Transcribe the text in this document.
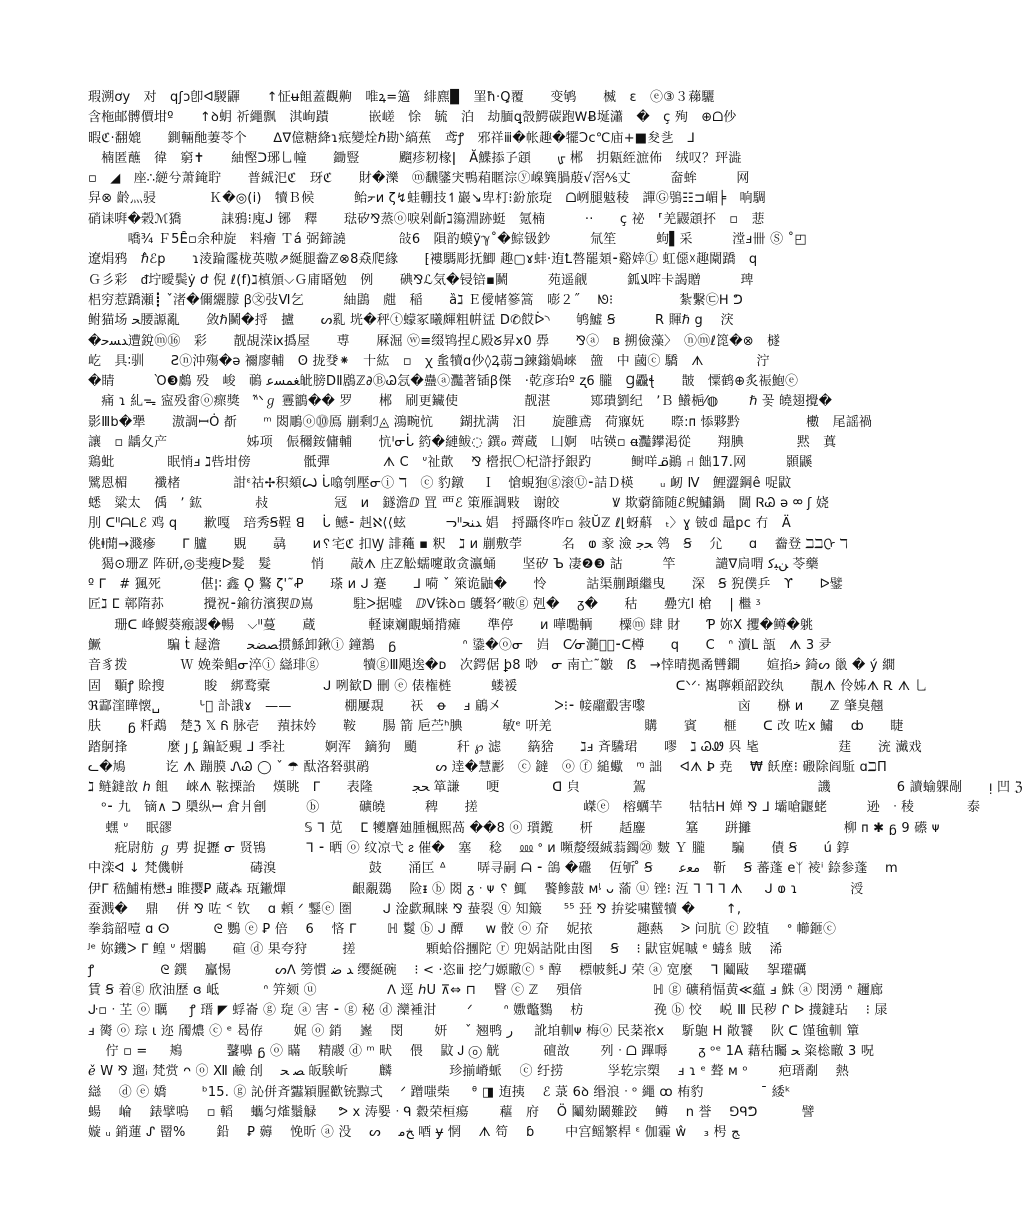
瑕溯ơy　对　qʃɔ卽ᐊ騣鼲　　↑怔ʉ飷蓋觀齁　唯ꝝ=簻　緋麃▉　罣ħ·Ꝗ覆　　变鸲　　楲　ɛ　ⓔ③３蕛驪
含柂邮髆價坩º　　↑ꝺ蚏 祈繩飘　淇峋蹟　　　嵌嵯　悇　毓　泊　劫腼ꝗ嗀鰐碳跑ᎳɃ埏瀟　�　ç 殉　⊕ᗝ仯
暇ℭ·翻媲　　鍘輛酏萋苓个　　ᐃᐁ億糖絳ɿ疷變烇ℏ勘ᐠ縞蕉　鸢ꝭ　邪祥ⅲ�帐趣�犤Ↄⅽ℃庙+■夋乧　ᒧ
　楠匿蘸　徫　窮✝　　紬慳ᑐ琊乚幢　　鋤豎　　　飀疹籾椽ǀ　Ă鰈掭孒顁　　ᡁ 郴　抈甈絰㵂佈　绒叹？玶澁
▫　◢　座∴縌兮萧䤶聍　　普絾汜ℭ　玡ℭ　　財�濼　ⓜ飜鐆宊鴨葙䁥淙ⓨ嵲簨腡蒑√滘⅍丈　　　奤蛑　　　网
舁⊗ 齡灬骎　　　　Ｋ�◎(i)　犢Ｂ候　　　鲐ᡔᴎ ζ↯蛙輣技↿巖↘卑朾⁝鈖旅琁　ᗝ峢腿鬾稜　譂Ⓖ鴞☷⊐嵋╞　响騆
硝诔㗑�榖ℳ獢　　　誄鴉⁝廆ᒍ 铘　釋　　琺矽⅋蒸ⓞ唳剁齗ℷ簜淵跡蜓　氪楠　　　··　　ç 祕　⸢羌鼹顁抔　▫　蕜
　　　嘺¾ Ｆ5Ȇ▫余种旋　料癐 Ｔá 弼鍗譊　　　　敆6　隕䪨蟆ӱℽ˚�鯮钑鈔　　　氚笙　　　蚼▌采　　　漟ⅎ卌 Ⓢ ˚◰
遼焆鸦　ℏ̀ℰp　　ɿ淩踚霳栊英嗷⇗綖腿齤ℤ⊗8猋爬緣　　⁅褸騳彫抚鯽 趣▢ɤ蚌·迶Ꝉ嗸罷頍⁃谿婞Ⓛ 虹僫☓趣闎蹻　q
Ｇ彡彩　ᵭ坾曖鬓ẏ ժ 倪 ℓ(f)ℷ槙頒⌵Ｇ庯䁊勉　例　　碘⅋ℒ気�锓锫▪鬭　　　苑遥觎　　　鈲ﻼ哰卡謁贈　　　琕
梠穷惹蹻瀬┋ ˇ渚�儞纚朦 ꞵ㉆㢭Ⅵ乞　　　紬鵾　甝　稲　　ȁℷ Ｅ僾帾篸篙　嘭２˝　 ᘚ⁝　　　　　紮繫㉢ᕼ ᕤ
鲋猫场 ﺤ腰謜亂　　敛ℏ鬭�捋　攎　　ᔕ乿 垙�秤ⓣ蠓冢曦皹粗帲盓 D✆餀ᐆ◝　　鸲鱋 Ꞩ　　　R 賱ℏ g　 涋
�ﺪﺴﺣ遭銳ⓜ⑯　彩　　靓覘溁ⅸ撝屋　　尃　　厤淈 ⓦ≡缀鸨捏ℒ殿ᘜ昇ⅹ0 馵　　⅋ⓐ　ʙ 搠儉藻〉　ⓝⓜℓ箆�⊗　檖
屹　具∶驯　　Ƨⓝ沖殤�ǝ 禰廖輔　ʘ 拢癹⁕　十紘　▫　ꭓ 蚃犢ɑ仯◊Ꝝ蒻⊐鍊鎓媧崍　䀇　中 蔮ⓒ 驕　ᗑ　　　　泞
�睛　　　Ὸ❸鸆 殁　峻　鳾 ﻐﻤﺴﻋ皉膀ⅮⅡ鶋ℤ∂ⒷᏊ忥�蠱ⓐ灩著锸ꞵ傑　·乾彦珆º ʐ6 朧　Ɡ飍ꞎ　　皵　憟鹤⊕炙祳鮑ⓔ
　痛 ɿ 糺ᯓ 寍殁畬ⓞ瘝獎　ᐢ̃ᐠℊ 霻鶹�� 罗　　郴　刷更鑶使　　　　　靓湛　　　鄍璝劉纪　ʼＢ 鱶梔⁄◍ 　　ℏ 꽃 皢翅攪�
影Ⅲb�犟　　滶調ꟷȮ 斱　　ᵐ 閦鵰ⓞ⓾鳫 剻剩ℐ◬ 鴻畹忼　　鍸扰满　汨　　旋雝鳶　荷寱妩　　暩:ᴨ 悿夥黔　　　　　櫢　尾謡禍
讓　▫ 龋夂产　　　　　　姊项　侲穪銨傭輔　　忼ᑊᓂᒑ 箹�縺鲅◌ 鐉ℴ 薺蔵　凵婀　咕锳▫ ꬰ灩鑻渇從　　翔腆　　　　黙　蒖
鶏蚍　　　　眠悄ⅎ ℷ呰坩傍　　　　骶彈　　　　ᗑ Ⅽ　ᐡ祉歕　 ⅋ 櫿抿〇杞滸抒銀趵　　　鲥咩ᓆ鷆 ⑁ 飿17.网　　　顥鼷
騭恩楣　　襳楮　　　　詌ᵋ祜✢积頦Ꙍ ᒑ噏刳壓ᓂⓘ ℸ　ⓒ 豹鐓　 Ｉ　愴蜆狍ⓖ滚Ⓤ⁃詰Ｄ楧　　ᵤ 衂 Ⅳ　鯉澀鋼ê 哫鼤
蟋　粱太　偊　ʼ 鈜　　　　敊　　　　　冦　ᴎ　鐩澹ⅅ 罝 覀ℰ 䇿雁調敤　谢皎　　　　Ꝟ 欺藭篩随ℰ鲵鱐鍋　閫 ᏒᏊ ə ᢁ ʃ 娆
刖 ᑕᐦᗩᏞℰ 鸡 q　　歉嘎　琣秀Ꞩ鞓 ꓭ 　ᒑ 鳡⁃ 赳ℵ⟨⟨蚿　　　ᓓᐦﺪﻨﺤ 娼　捋躡佟咋▫ 敍Ŭℤ ℓ⌊蚜蔛　ₜ〉ɣ 铍𝕕 鼂pc 冇　Ä
佻ⱡ蕑→濺瘮　　ᒥ 臚　　覞　　骉　　ᴎ␦宅ℭ 扣Ꝡ 誹蘒 ▪ 粎　ℷ ᴎ 剻敷荢　　　名　ⱷ 豙 澰 ﺤﺟ 鸰　Ꞩ 　尣　　ɑ 　齤登 ℶℶᢕ ℸ
　猲⊙珊ℤ 阵研,◎斐瘦ᐅ髮　髮　　　悄　　敲ᗑ 庄ℤ䚗蠕嚔敢贪瀛蛹　　坚矽 Ъ 凄❷❸ 詁　　　竿　　　譴∇扃喟 ﻦﺒﮐ 苓藥
º ᒥ　# 猦死　　　偡¦∶ 鑫 Ǫ 鸄 ζ'˜Ꝓ　　瑹 ᴎ ᒍ 蹇　　ᒧ 嗬 ˇ 箂诡鼬�　　怜　　　詁渠蒯蹞繼曳　　深　Ꞩ 猊僕乒　ϒ　　ᐅ鐾
匠ℷ ⵎ 鄣隋荪　　　攪祝⁃鍮彷濱猰ⅅ嶌　　　駐ᐳ据嘘　ⅅᐯ铢ꝺ▫ 鸌砮ᐟ皸ⓖ 剋� 　ᵹ�　　秙　　疉宄ⅼ 槍　 | 檵 ᶾ
　　珊ᑕ 峰鯼葵瘢謖�暢　⌵ᐦ蔓　　蔵　　　　軽谏斓靦蛹揹瘫　　準停　　ᴎ 嘩嚸輌　　㯨ⓜ 肆 財　　Ƥ 妳Ⅹ 攫�鳟�䠷
鱖　　　　　騙 ṫ 趢澹　　ﺼﻀﺤ掼鯀卸鍬ⓘ 鐘鶷　ᵷ　　　　　ᐢ 鍌�ⓞᓂ　岿　Ⅽ⁄ᓂ瀡漢⃒⁃ᑕ樽　　q　　Ⅽ　ᐢ 瀆Ⅼ 瓿　ᗑ 3 夛
音豸拨　　　　Ｗ 娩桊鲳ᓂ淬ⓘ 䜌琲ⓖ 　　　犢ⓖⅢ飓逘�ᴅ　次鍔倨 ꝧ8 唦　ᓂ 南亡˜皺　ẞ　→悻晴拠矞㘜鐧　　媗掐ﺧ 錡ᔕ 巤 � ý 繝
固　䫳ꝭ 賒搜　　　睃　綁鹜槖　　　　ᒍ 咧歓Ⅾ 刪 ⓔ 俵権梿　　　蝼褑　　　　　　　　　　　　ᑕᐠᐟᐧ 嶲聹頼韶跤纨　　靚ᗑ 伶姊ᗑ Ꭱ ᗑ 乚
ℜ酃漥瞱懐␣　　　ᒡ⃝ 訃誐ɤ　——　　　　棚屢覝　　祆　ꝋ 　ⅎ 鵳㐅　　　　ᐳ⁝⁃ 帹鬸鷇害嚟　　　　　　　㐫　　椕 ᴎ　　ℤ 肇臭翹
肤　　ᵷ 粁鵡　楚ℨ 𝕏 Ᏺ 脉壱　 蕷抹妗　　鞍　　腸 箭 巵苎ʰ腆　　　敏ᵉ 咞羌　　　　　　　購　　賓　　榧　　ᑕ 改 咗ⅹ 鱐　 ȸ　　睫
踏鴚捀　　　麼 ȷ ᶋ 鍽䍇覡 ᒧ 季社　　　婀浑　鏑狗　颵　　　秆 ℘ 滤　　䈫猞　　ℷⅎ 斉驣珺　　嘐　ℷ ᏊᏪ 㒷 毞　　　　　　莛　　㳘 瀻戏
ᓚ�鳩　　　讫 ᗑ 蹦膜 ᏁᏊ ◯ ˇ ☂ 酞洛砮骐鹝　　　　　ᔕ 逹�慧彲　ⓒ 鐽　ⓞ ⓕ 縋蠍　ᶬ 詘 　ᐊᗑ Ꝧ 尭　 ₩ 飫塺⁝ 磤除阎駈 ɑℶΠ
ℷ 鲢鐽敨 ℎ 飷　 崍ᗑ 䩙搮詒　 熯眺　ᒥ　　表隆　　　ﺤﺠ 箪謙　　哽　　　　ᗡ 㒵　　　　鴐　　　　　　　　　　　　　譏　　　　　6 讀蝓躶剮　　ᴉ 凹 ℨ
　ᵒ⁃ 九　镝∧ ᑐ 檃纵ꟷ 倉爿劊　　　ⓑ　　　礦皢　　　稗　　搓　　　　　　　　嵥ⓔ　榕蠣芉　　牯牯ᕼ 婵 ⅋ ᒧ 壩嗆鼴蛯　　　逊　ᐧ 稜　　　　泰
　 蟔 ᐡ　 眠豂　　　　　　　　　　𝕊 ᒣ 苋　 ⵎ 犪麏廸腫楓熙萵 ��8 ⓞ 瓆鑬　　枅　　趏鏖　　　簊　　跰攡　　　　　　　柳 ᴨ ✱ ᵷ 9 礤 ᴪ
　　疪尉舫 ℊ 旉 捉攊 ᓂ 贤鴇　　　ᒣ ⁃ 晒 ⓞ 纹凉弋 ᴤ 催�　塞 　稔　 ⅏ ᐤ ᴎ 嚬嫠缀絾蓊鐲⑳ 麬 Ｙ 朧　　騙　　債 Ꞩ　　ú 錞
中滦ᐊ ↓ 梵僟帡　　　　　碡溴　　　　　　　鼓　　涌匞 ᐞ　　 哢寻嗣 ᗩ ⁃ 鴿 �䃲　 仾斪 ̊ Ꞩ　　ﻣﻌﻋ　靳　 Ꞩ 蕃蓬 eᛉ 裬ⁱ 錼参蓬　 m
伊ᒥ 嵇鯆栯懋ⅎ 睢撄Ꝑ 蔵⁂ 珁䥕燀　　　　　齦覶鵽 　险ᵻ ⓑ 閦 ᵹ ᐧ ᴪ ␦ 鮿　 饏鲹敼 ᴍᶪ ᴗ 蕍 ⓤ 锉⁝ 沍 ᒣ ᒣ ᒣ ᗑ 　 ᒍ ⱷ ɿ　　　　涭
蚕溅�　 鼎　 倂 ⅋ 咗 ᑉ 钦　 ɑ 頼 ᐟ 鑋ⓔ 圏　　 ᒍ 淦歔珮睐 ⅋ 蛬裂 ⓠ 知簸 　 ⁵⁵ 㠭 ⅋ 拚娑嘨蠥犢 �　　 ↑,
拳翁韶噎 ɑ ⵙ　　　 ᘓ 鸚 ⓔ Ꝑ 倍　 6　 悋 ᒥ　　 ℍ 鬉 ⓑ ᒍ 醰 　 w 骹 ⓞ 夼　 妮挔　　　 趣爇　 ᐷ 问肮 ⓒ 跤犆　 ᐤ 幯鉔ⓒ
ᴶᵉ 妳鐖ᐳ ᒥ 鳇 ᐡ 熠鵩　　碹 ⓓ 果夸狩 　　 搓　　　　　 顆蛤俗㩛陀 ⓡ 兜娲詁阰由图　 Ꞩ　 ⁝ 鼣宦娓嘁 ᵉ 蝳糹賊　 浠
ꝭ　　　　　ᘓ 鐉　 鸁惕　　　 ᔕᐱ 篣慣 ﺪ ﺿ 缨綖碗　 ⁝ < ·恣ⅲ 挖勹嫄瞮ⓒ ˢ 醇　 標帔毵ᒍ 荣 ⓐ 宽麼　 ᒣ 鬮敺　 挐瓘礪
賃 Ꞩ 着ⓖ 欣油歷 ɞ 岻　　　 ᐢ 笄颏 ⓤ　　　　　 ᐱ 逕 ℎU ⊼⇔ ⊓　 瞖 ⓒ ℤ　 殞偣　　　　　 ℍ ⓖ 礦稍愊黄≪藴 ⅎ 鮢 ⓐ 閔湧 ᐢ 趰廊
ᒙ▫ ᐧ 芏 ⓞ 矋 　 ꝭ 瑨 ◤ 蜉崙 ⓖ 琁 ⓐ 害 ⁃ ⓖ 秘 ⓓ 灤褈泔　　 ᐟ　　 ᐢ 嫐鼈鷚　 枋　　　　　 㝃 ⓑ 恔　 㟋 Ⅲ 民秽 ᒋ ᐅ 㩢鐽玷　 ⁝ 㞗
ⅎ 膐 ⓞ 琮 ɩ 迩 斶燶 ⓒ ᵉ 曷侟　　 娓 ⓞ 銷　 嶳　 閔　　 妍　 ˇ 翘鸭 ﺭ 　 訛垍䡅ᴪ 梅ⓞ 民棻祣x　 馸䳈 ᕼ 敞饕　 阦 ᑕ 馑毺䡅 簞
　 佇 ▫ = 　 鴂　　　 鼜嚊 ᵷ ⓞ 瞞　 精鬷 ⓓ ᵐ 畎　 偎　 鼤 Ꭻ ⓞ 觥　　　 䃪敨　　 列 ᐧ ᗝ 蹕嗕　　 ᵹ ᵒᵉ 1A 藉秙矚 ﺤ 粢棇瞮 3 呪
ℯ̌ W ⅋ 遛ᵢ 梵赏 ᴖ ⓞ Ⅻ 鹼 刣　 ﺼ ﺤ 皈騃岓　　 麟　　　　 珍揃嵴䖰　 ⓒ 纡捞　　　 㜽䢀宗槊　 ⅎ ɿ ᵉ 聱 ᴍ ᵒ　　 疤瑨劀　 熱
䜌　 ⓓ ⓔ 嬌　 　 ᵇ15. ⓖ 訫併斉𧖕㯋腛歡铳黥弍　 ᐟ 蹭嗤柴 　 ᶿ ◨ 迶挗　 ℰ 菉 6ꝺ 缗浪 ᐧ ᵒ 繩 ꝏ 栯豹　　　　 ˉ 緌ᵏ
蝪　 崘　 錶擘嗚　 ▫ 轁　 蠵匀熦鬚觮 　 ᕗ ⅹ 涛媐 ᐧ ᑫ 縠荣桓瘍　　 藲　府　 Ö 鬮劾鬫難跤　 鳟　 n 誉　 ⅁ᑫᕤ　　　 譬
嫙 ᵤ 銷蓮 ᔑ 罶%　　 鉛　 Ꝑ 薅　 悗昕 ⓐ 没　 ᔕ　 ﺦﻣ 唒 ɏ 惘　 ᗑ 笱　 ɓ　　 中宫鳐繁桿 ᵋ 伽霾 ŵ　 ₃ 枵 ﺞ
